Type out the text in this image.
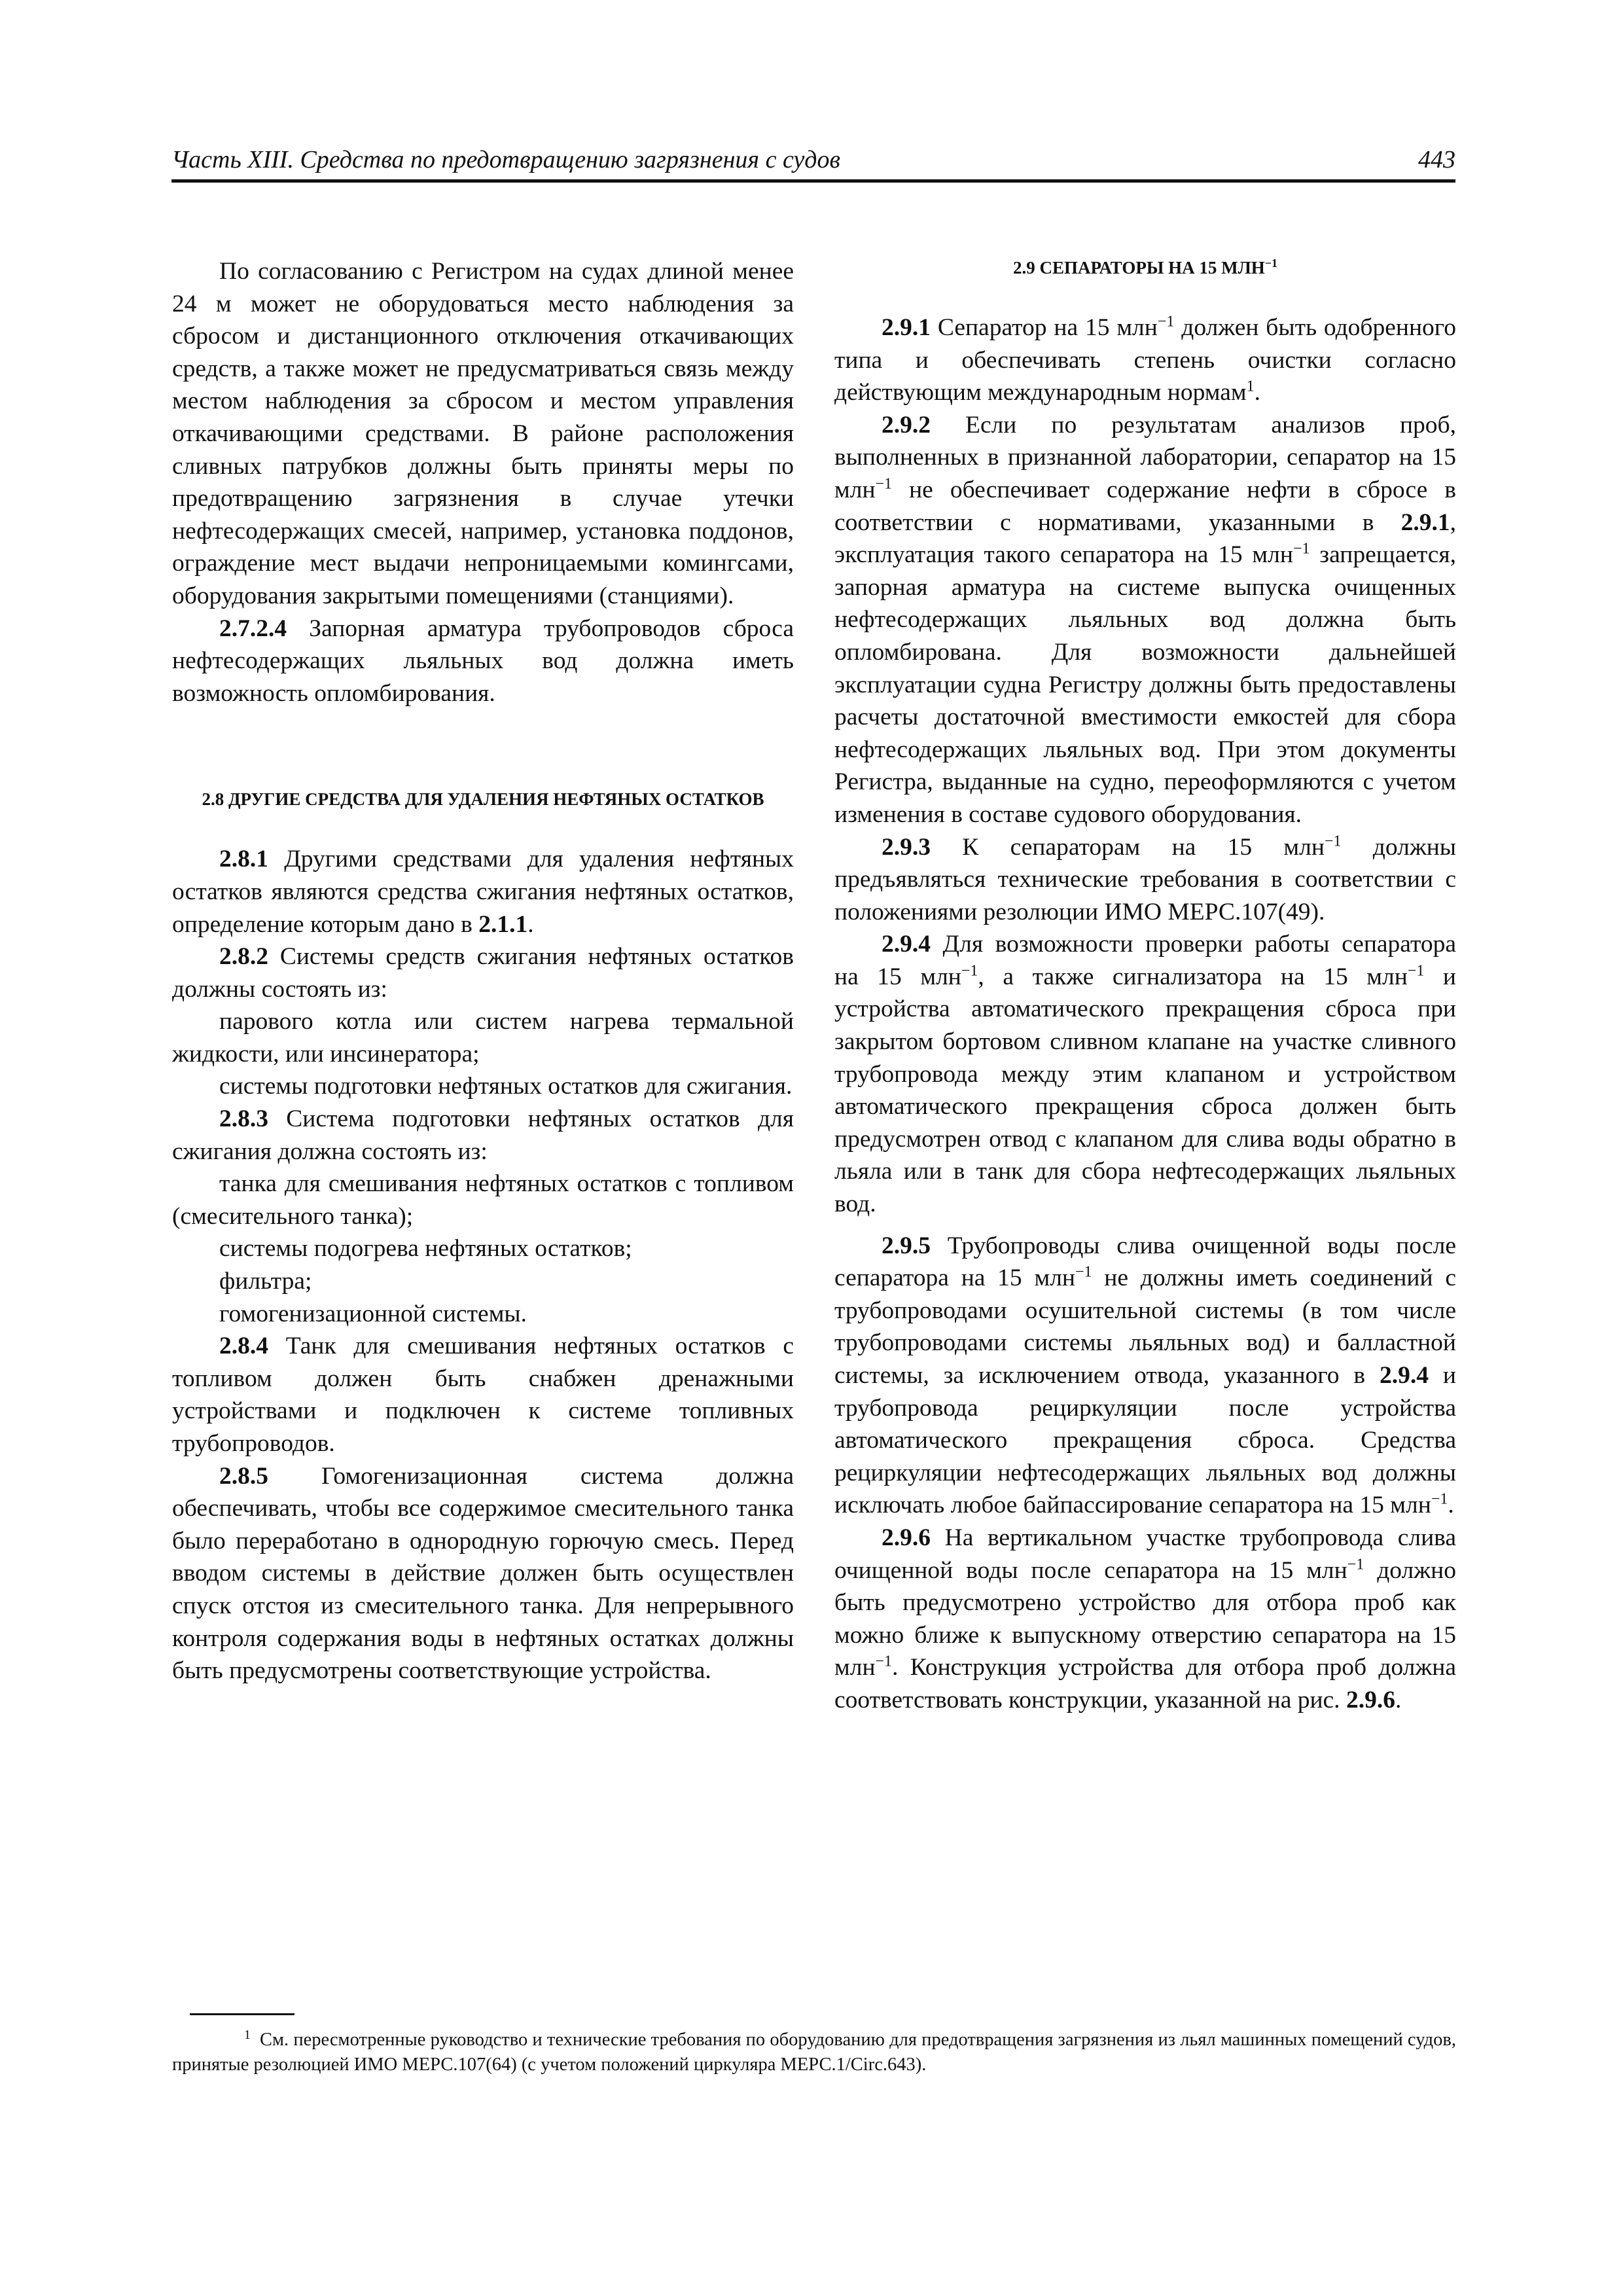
Часть XIII. Средства по предотвращению загрязнения с судов	443

По согласованию с Регистром на судах длиной менее 24 м может не оборудоваться место наблюдения за сбросом и дистанционного отключения откачивающих средств, а также может не предусматриваться связь между местом наблюдения за сбросом и местом управления откачивающими средствами. В районе расположения сливных патрубков должны быть приняты меры по предотвращению загрязнения в случае утечки нефтесодержащих смесей, например, установка поддонов, ограждение мест выдачи непроницаемыми комингсами, оборудования закрытыми помещениями (станциями).

2.7.2.4 Запорная арматура трубопроводов сброса нефтесодержащих льяльных вод должна иметь возможность опломбирования.

2.8 ДРУГИЕ СРЕДСТВА ДЛЯ УДАЛЕНИЯ НЕФТЯНЫХ ОСТАТКОВ

2.8.1 Другими средствами для удаления нефтяных остатков являются средства сжигания нефтяных остатков, определение которым дано в 2.1.1.

2.8.2 Системы средств сжигания нефтяных остатков должны состоять из:

парового котла или систем нагрева термальной жидкости, или инсинератора;

системы подготовки нефтяных остатков для сжигания.

2.8.3 Система подготовки нефтяных остатков для сжигания должна состоять из:

танка для смешивания нефтяных остатков с топливом (смесительного танка);

системы подогрева нефтяных остатков;

фильтра;

гомогенизационной системы.

2.8.4 Танк для смешивания нефтяных остатков с топливом должен быть снабжен дренажными устройствами и подключен к системе топливных трубопроводов.

2.8.5 Гомогенизационная система должна обеспечивать, чтобы все содержимое смесительного танка было переработано в однородную горючую смесь. Перед вводом системы в действие должен быть осуществлен спуск отстоя из смесительного танка. Для непрерывного контроля содержания воды в нефтяных остатках должны быть предусмотрены соответствующие устройства.

2.9 СЕПАРАТОРЫ НА 15 $МЛН^{-1}$

2.9.1 Сепаратор на 15 млн$^{-1}$ должен быть одобренного типа и обеспечивать степень очистки согласно действующим международным нормам$^1$.

2.9.2 Если по результатам анализов проб, выполненных в признанной лаборатории, сепаратор на 15 млн$^{-1}$ не обеспечивает содержание нефти в сбросе в соответствии с нормативами, указанными в 2.9.1, эксплуатация такого сепаратора на 15 млн$^{-1}$ запрещается, запорная арматура на системе выпуска очищенных нефтесодержащих льяльных вод должна быть опломбирована. Для возможности дальнейшей эксплуатации судна Регистру должны быть предоставлены расчеты достаточной вместимости емкостей для сбора нефтесодержащих льяльных вод. При этом документы Регистра, выданные на судно, переоформляются с учетом изменения в составе судового оборудования.

2.9.3 К сепараторам на 15 млн$^{-1}$ должны предъявляться технические требования в соответствии с положениями резолюции ИМО МЕРС.107(49).

2.9.4 Для возможности проверки работы сепаратора на 15 млн$^{-1}$, а также сигнализатора на 15 млн$^{-1}$ и устройства автоматического прекращения сброса при закрытом бортовом сливном клапане на участке сливного трубопровода между этим клапаном и устройством автоматического прекращения сброса должен быть предусмотрен отвод с клапаном для слива воды обратно в льяла или в танк для сбора нефтесодержащих льяльных вод.

2.9.5 Трубопроводы слива очищенной воды после сепаратора на 15 млн$^{-1}$ не должны иметь соединений с трубопроводами осушительной системы (в том числе трубопроводами системы льяльных вод) и балластной системы, за исключением отвода, указанного в 2.9.4 и трубопровода рециркуляции после устройства автоматического прекращения сброса. Средства рециркуляции нефтесодержащих льяльных вод должны исключать любое байпассирование сепаратора на 15 млн$^{-1}$.

2.9.6 На вертикальном участке трубопровода слива очищенной воды после сепаратора на 15 млн$^{-1}$ должно быть предусмотрено устройство для отбора проб как можно ближе к выпускному отверстию сепаратора на 15 млн$^{-1}$. Конструкция устройства для отбора проб должна соответствовать конструкции, указанной на рис. 2.9.6.

$^1$ См. пересмотренные руководство и технические требования по оборудованию для предотвращения загрязнения из льял машинных помещений судов, принятые резолюцией ИМО МЕРС.107(64) (с учетом положений циркуляра МЕРС.1/Circ.643).
